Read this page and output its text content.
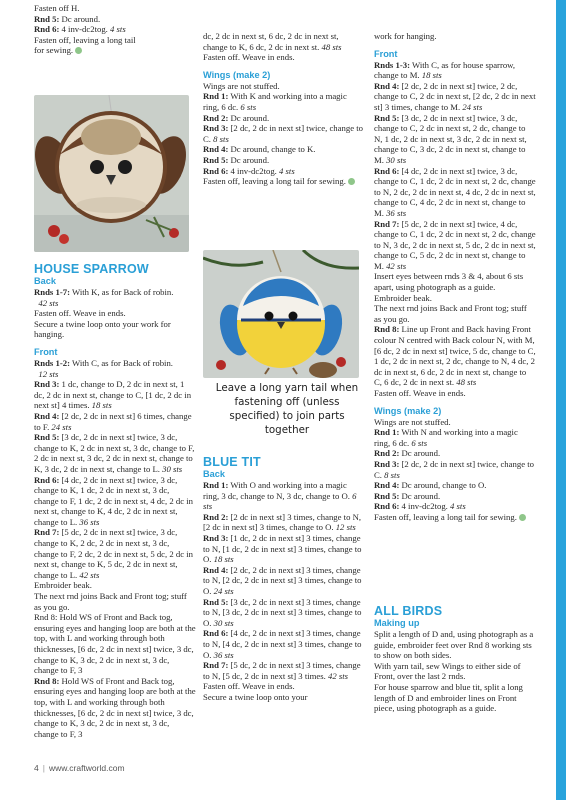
Fasten off H.

Rnd 5: Dc around.

Rnd 6: 4 inv-dc2tog. 4 sts

Fasten off, leaving a long tail
for sewing.

HOUSE SPARROW

Back

Rnds 1-7: With K, as for Back of robin.
42 sts

Fasten off. Weave in ends.

Secure a twine loop onto your work for hanging.

Front

Rnds 1-2: With C, as for Back of robin.
12 sts

Rnd 3: 1 dc, change to D, 2 dc in next st, 1 dc, 2 dc in next st, change to C, [1 dc, 2 dc in next st] 4 times. 18 sts

Rnd 4: [2 dc, 2 dc in next st] 6 times, change to F. 24 sts

Rnd 5: [3 dc, 2 dc in next st] twice, 3 dc, change to K, 2 dc in next st, 3 dc, change to F, 2 dc in next st, 3 dc, 2 dc in next st, change to K, 3 dc, 2 dc in next st, change to L. 30 sts

Rnd 6: [4 dc, 2 dc in next st] twice, 3 dc, change to K, 1 dc, 2 dc in next st, 3 dc, change to F, 1 dc, 2 dc in next st, 4 dc, 2 dc in next st, change to K, 4 dc, 2 dc in next st, change to L. 36 sts

Rnd 7: [5 dc, 2 dc in next st] twice, 3 dc, change to K, 2 dc, 2 dc in next st, 3 dc, change to F, 2 dc, 2 dc in next st, 5 dc, 2 dc in next st, change to K, 5 dc, 2 dc in next st, change to L. 42 sts

Embroider beak.

The next rnd joins Back and Front tog; stuff as you go.

Rnd 8: Hold WS of Front and Back tog, ensuring eyes and hanging loop are both at the top, with L and working through both thicknesses, [6 dc, 2 dc in next st] twice, 3 dc, change to K, 3 dc, 2 dc in next st, 3 dc, change to F, 3

Rnd 8: Hold WS of Front and Back tog, ensuring eyes and hanging loop are both at the top, with L and working through both thicknesses, [6 dc, 2 dc in next st] twice, 3 dc, change to K, 3 dc, 2 dc in next st, 3 dc, change to F, 3

dc, 2 dc in next st, 6 dc, 2 dc in next st, change to K, 6 dc, 2 dc in next st. 48 sts

Fasten off. Weave in ends.

Wings (make 2)

Wings are not stuffed.

Rnd 1: With K and working into a magic ring, 6 dc. 6 sts

Rnd 2: Dc around.

Rnd 3: [2 dc, 2 dc in next st] twice, change to C. 8 sts

Rnd 4: Dc around, change to K.

Rnd 5: Dc around.

Rnd 6: 4 inv-dc2tog. 4 sts

Fasten off, leaving a long tail for sewing.

Leave a long yarn tail when fastening off (unless specified) to join parts together

BLUE TIT

Back

Rnd 1: With O and working into a magic ring, 3 dc, change to N, 3 dc, change to O. 6 sts

Rnd 2: [2 dc in next st] 3 times, change to N, [2 dc in next st] 3 times, change to O. 12 sts

Rnd 3: [1 dc, 2 dc in next st] 3 times, change to N, [1 dc, 2 dc in next st] 3 times, change to O. 18 sts

Rnd 4: [2 dc, 2 dc in next st] 3 times, change to N, [2 dc, 2 dc in next st] 3 times, change to O. 24 sts

Rnd 5: [3 dc, 2 dc in next st] 3 times, change to N, [3 dc, 2 dc in next st] 3 times, change to O. 30 sts

Rnd 6: [4 dc, 2 dc in next st] 3 times, change to N, [4 dc, 2 dc in next st] 3 times, change to O. 36 sts

Rnd 7: [5 dc, 2 dc in next st] 3 times, change to N, [5 dc, 2 dc in next st] 3 times. 42 sts

Fasten off. Weave in ends.

Secure a twine loop onto your

work for hanging.

Front

Rnds 1-3: With C, as for house sparrow, change to M. 18 sts

Rnd 4: [2 dc, 2 dc in next st] twice, 2 dc, change to C, 2 dc in next st, [2 dc, 2 dc in next st] 3 times, change to M. 24 sts

Rnd 5: [3 dc, 2 dc in next st] twice, 3 dc, change to C, 2 dc in next st, 2 dc, change to N, 1 dc, 2 dc in next st, 3 dc, 2 dc in next st, change to C, 3 dc, 2 dc in next st, change to M. 30 sts

Rnd 6: [4 dc, 2 dc in next st] twice, 3 dc, change to C, 1 dc, 2 dc in next st, 2 dc, change to N, 2 dc, 2 dc in next st, 4 dc, 2 dc in next st, change to C, 4 dc, 2 dc in next st, change to M. 36 sts

Rnd 7: [5 dc, 2 dc in next st] twice, 4 dc, change to C, 1 dc, 2 dc in next st, 2 dc, change to N, 3 dc, 2 dc in next st, 5 dc, 2 dc in next st, change to C, 5 dc, 2 dc in next st, change to M. 42 sts

Insert eyes between rnds 3 & 4, about 6 sts apart, using photograph as a guide.

Embroider beak.

The next rnd joins Back and Front tog; stuff as you go.

Rnd 8: Line up Front and Back having Front colour N centred with Back colour N, with M, [6 dc, 2 dc in next st] twice, 5 dc, change to C, 1 dc, 2 dc in next st, 2 dc, change to N, 4 dc, 2 dc in next st, 6 dc, 2 dc in next st, change to C, 6 dc, 2 dc in next st. 48 sts

Fasten off. Weave in ends.

Wings (make 2)

Wings are not stuffed.

Rnd 1: With N and working into a magic ring, 6 dc. 6 sts

Rnd 2: Dc around.

Rnd 3: [2 dc, 2 dc in next st] twice, change to C. 8 sts

Rnd 4: Dc around, change to O.

Rnd 5: Dc around.

Rnd 6: 4 inv-dc2tog. 4 sts

Fasten off, leaving a long tail for sewing.

ALL BIRDS

Making up

Split a length of D and, using photograph as a guide, embroider feet over Rnd 8 working sts to show on both sides.

With yarn tail, sew Wings to either side of Front, over the last 2 rnds.

For house sparrow and blue tit, split a long length of D and embroider lines on Front piece, using photograph as a guide.

4 | www.craftworld.com
PassionForum.ru
